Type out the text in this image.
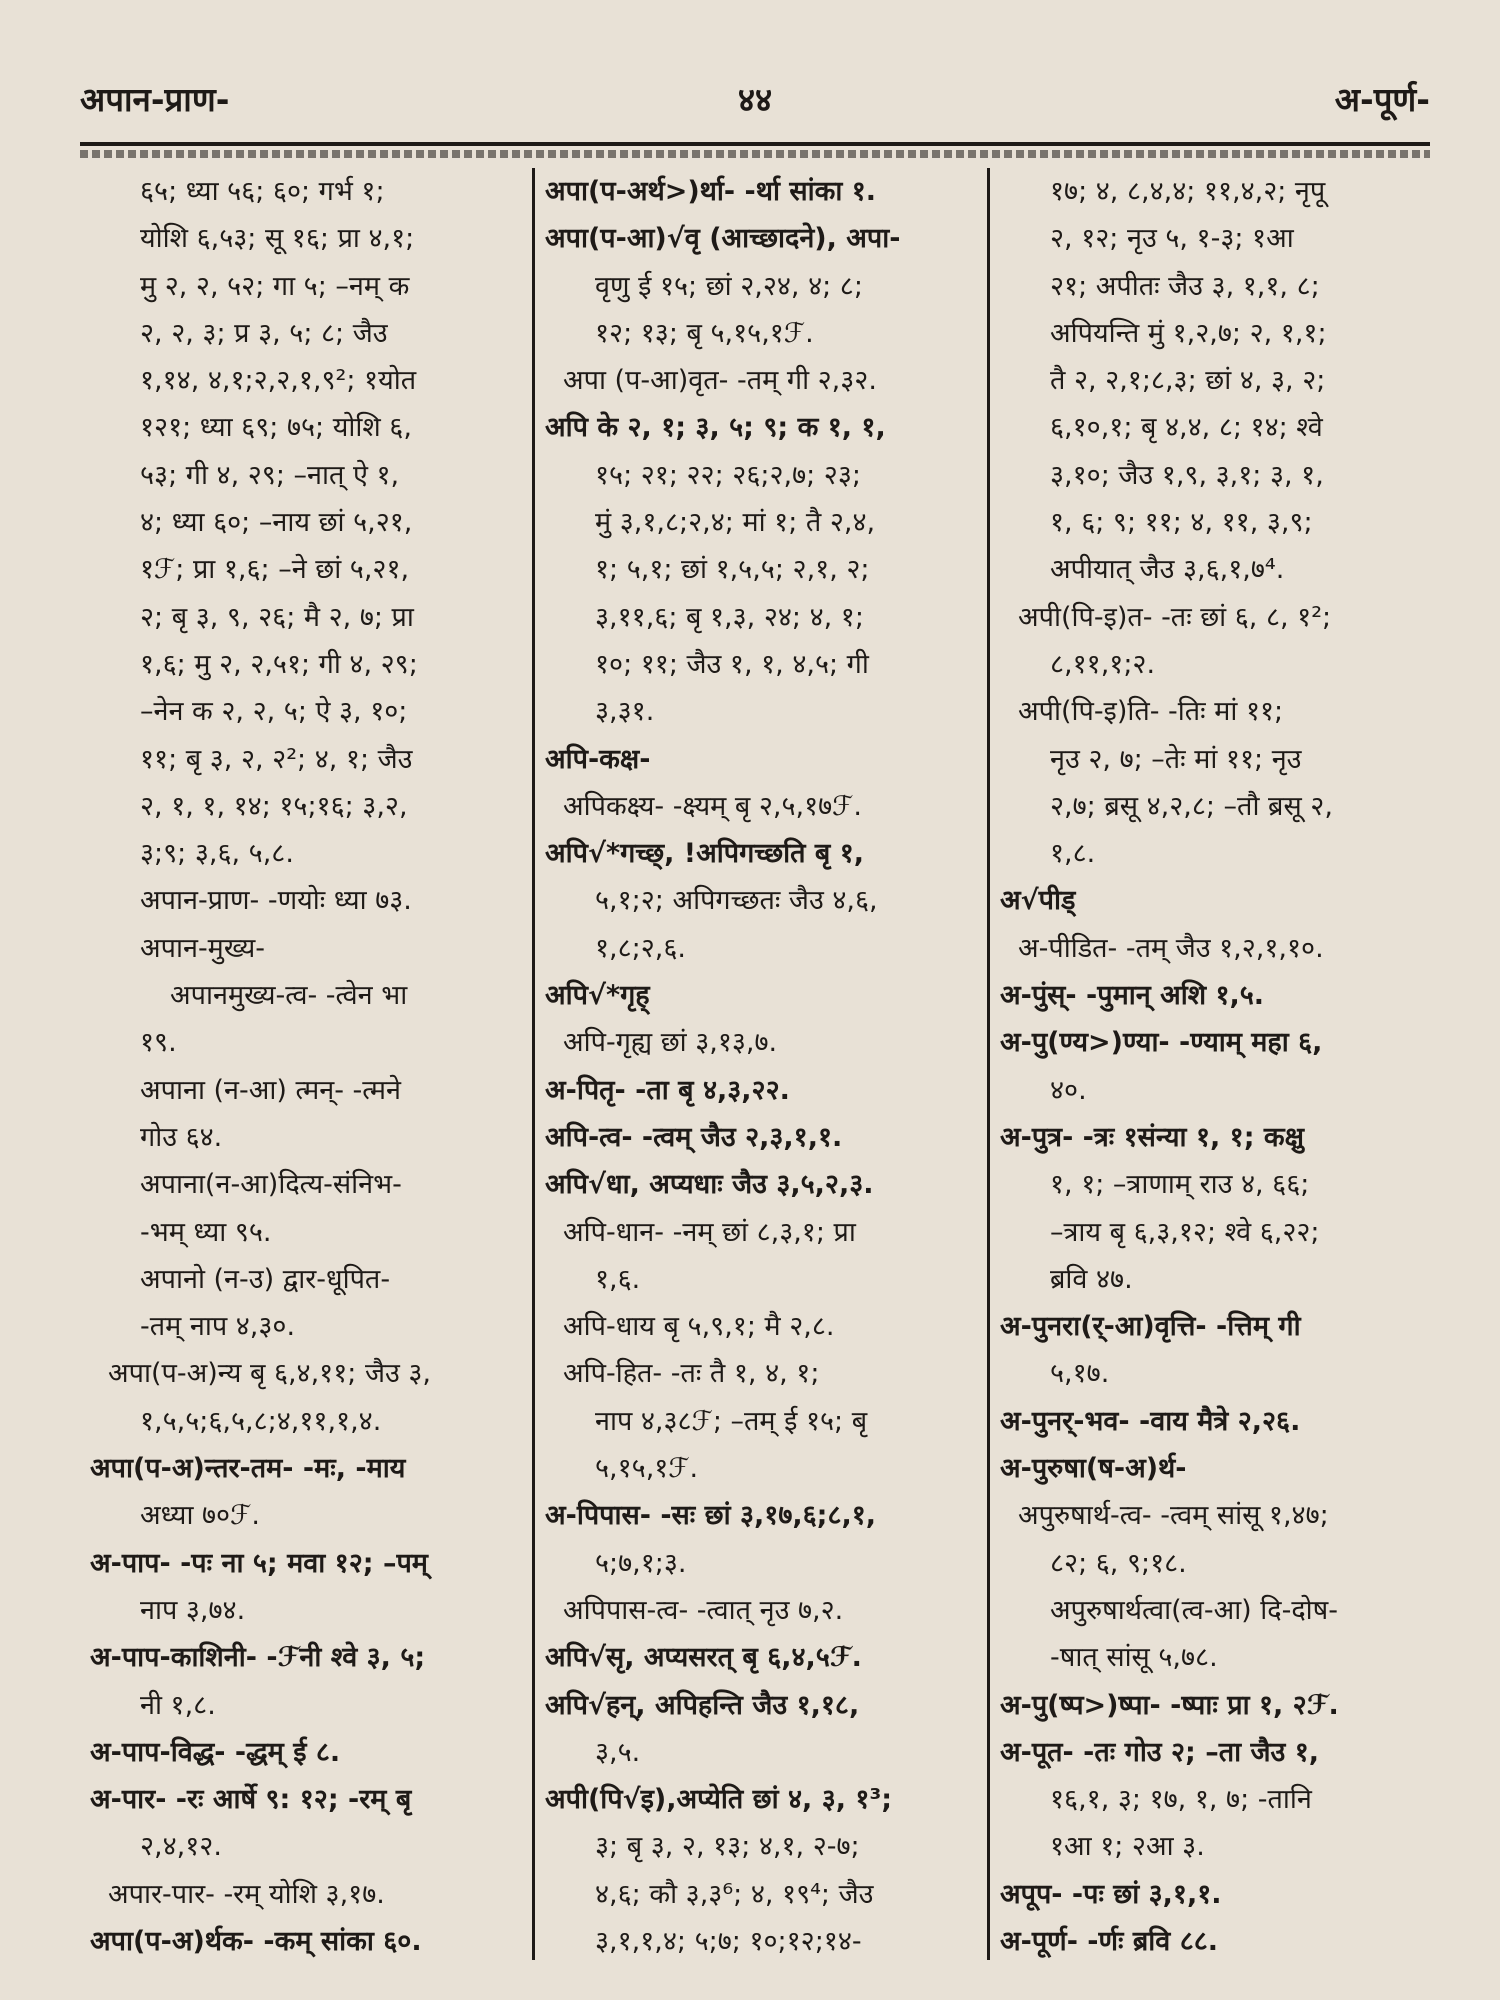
अपान-प्राण-	४४	अ-पूर्ण-
६५; ध्या ५६; ६०; गर्भ १;
योशि ६,५३; सू १६; प्रा ४,१;
मु २, २, ५२; गा ५; –नम् क
२, २, ३; प्र ३, ५; ८; जैउ
१,१४, ४,१;२,२,१,९²; १योत
१२१; ध्या ६९; ७५; योशि ६,
५३; गी ४, २९; –नात् ऐ १,
४; ध्या ६०; –नाय छां ५,२१,
१ℱ; प्रा १,६; –ने छां ५,२१,
२; बृ ३, ९, २६; मै २, ७; प्रा
१,६; मु २, २,५१; गी ४, २९;
–नेन क २, २, ५; ऐ ३, १०;
११; बृ ३, २, २²; ४, १; जैउ
२, १, १, १४; १५;१६; ३,२,
३;९; ३,६, ५,८.
अपान-प्राण- -णयोः ध्या ७३.
अपान-मुख्य-
अपानमुख्य-त्व- -त्वेन भा
१९.
अपाना (न-आ) त्मन्- -त्मने
गोउ ६४.
अपाना(न-आ)दित्य-संनिभ-
-भम् ध्या ९५.
अपानो (न-उ) द्वार-धूपित-
-तम् नाप ४,३०.
अपा(प-अ)न्य बृ ६,४,११; जैउ ३,
१,५,५;६,५,८;४,११,१,४.
अपा(प-अ)न्तर-तम- -मः, -माय
अध्या ७०ℱ.
अ-पाप- -पः ना ५; मवा १२; –पम्
नाप ३,७४.
अ-पाप-काशिनी- -ℱनी श्वे ३, ५;
नी १,८.
अ-पाप-विद्ध- -द्धम् ई ८.
अ-पार- -रः आर्षे ९: १२; -रम् बृ
२,४,१२.
अपार-पार- -रम् योशि ३,१७.
अपा(प-अ)र्थक- -कम् सांका ६०.
अपा(प-अर्थ>)र्था- -र्था सांका १.
अपा(प-आ)√वृ (आच्छादने), अपा-
वृणु ई १५; छां २,२४, ४; ८;
१२; १३; बृ ५,१५,१ℱ.
अपा (प-आ)वृत- -तम् गी २,३२.
अपि के २, १; ३, ५; ९; क १, १,
१५; २१; २२; २६;२,७; २३;
मुं ३,१,८;२,४; मां १; तै २,४,
१; ५,१; छां १,५,५; २,१, २;
३,११,६; बृ १,३, २४; ४, १;
१०; ११; जैउ १, १, ४,५; गी
३,३१.
अपि-कक्ष-
अपिकक्ष्य- -क्ष्यम् बृ २,५,१७ℱ.
अपि√*गच्छ्, !अपिगच्छति बृ १,
५,१;२; अपिगच्छतः जैउ ४,६,
१,८;२,६.
अपि√*गृह्
अपि-गृह्य छां ३,१३,७.
अ-पितृ- -ता बृ ४,३,२२.
अपि-त्व- -त्वम् जैउ २,३,१,१.
अपि√धा, अप्यधाः जैउ ३,५,२,३.
अपि-धान- -नम् छां ८,३,१; प्रा
१,६.
अपि-धाय बृ ५,९,१; मै २,८.
अपि-हित- -तः तै १, ४, १;
नाप ४,३८ℱ; –तम् ई १५; बृ
५,१५,१ℱ.
अ-पिपास- -सः छां ३,१७,६;८,१,
५;७,१;३.
अपिपास-त्व- -त्वात् नृउ ७,२.
अपि√सृ, अप्यसरत् बृ ६,४,५ℱ.
अपि√हन्, अपिहन्ति जैउ १,१८,
३,५.
अपी(पि√इ),अप्येति छां ४, ३, १³;
३; बृ ३, २, १३; ४,१, २-७;
४,६; कौ ३,३⁶; ४, १९⁴; जैउ
३,१,१,४; ५;७; १०;१२;१४-
१७; ४, ८,४,४; ११,४,२; नृपू
२, १२; नृउ ५, १-३; १आ
२१; अपीतः जैउ ३, १,१, ८;
अपियन्ति मुं १,२,७; २, १,१;
तै २, २,१;८,३; छां ४, ३, २;
६,१०,१; बृ ४,४, ८; १४; श्वे
३,१०; जैउ १,९, ३,१; ३, १,
१, ६; ९; ११; ४, ११, ३,९;
अपीयात् जैउ ३,६,१,७⁴.
अपी(पि-इ)त- -तः छां ६, ८, १²;
८,११,१;२.
अपी(पि-इ)ति- -तिः मां ११;
नृउ २, ७; –तेः मां ११; नृउ
२,७; ब्रसू ४,२,८; –तौ ब्रसू २,
१,८.
अ√पीड्
अ-पीडित- -तम् जैउ १,२,१,१०.
अ-पुंस्- -पुमान् अशि १,५.
अ-पु(ण्य>)ण्या- -ण्याम् महा ६,
४०.
अ-पुत्र- -त्रः १संन्या १, १; कक्षु
१, १; –त्राणाम् राउ ४, ६६;
–त्राय बृ ६,३,१२; श्वे ६,२२;
ब्रवि ४७.
अ-पुनरा(र्-आ)वृत्ति- -त्तिम् गी
५,१७.
अ-पुनर्-भव- -वाय मैत्रे २,२६.
अ-पुरुषा(ष-अ)र्थ-
अपुरुषार्थ-त्व- -त्वम् सांसू १,४७;
८२; ६, ९;१८.
अपुरुषार्थत्वा(त्व-आ) दि-दोष-
-षात् सांसू ५,७८.
अ-पु(ष्प>)ष्पा- -ष्पाः प्रा १, २ℱ.
अ-पूत- -तः गोउ २; –ता जैउ १,
१६,१, ३; १७, १, ७; -तानि
१आ १; २आ ३.
अपूप- -पः छां ३,१,१.
अ-पूर्ण- -र्णः ब्रवि ८८.
